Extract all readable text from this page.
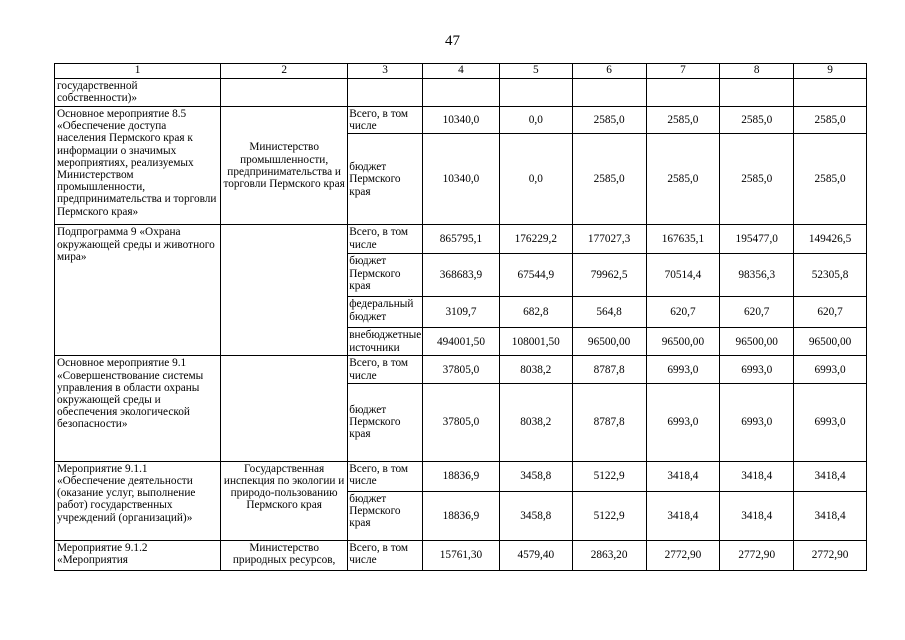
47
1	2	3	4	5	6	7	8	9
государственной собственности)»								
Основное мероприятие 8.5 «Обеспечение доступа населения Пермского края к информации о значимых мероприятиях, реализуемых Министерством промышленности, предпринимательства и торговли Пермского края»	Министерство промышленности, предпринимательства и торговли Пермского края	Всего, в том числе	10340,0	0,0	2585,0	2585,0	2585,0	2585,0
		бюджет Пермского края	10340,0	0,0	2585,0	2585,0	2585,0	2585,0
Подпрограмма 9 «Охрана окружающей среды и животного мира»		Всего, в том числе	865795,1	176229,2	177027,3	167635,1	195477,0	149426,5
		бюджет Пермского края	368683,9	67544,9	79962,5	70514,4	98356,3	52305,8
		федеральный бюджет	3109,7	682,8	564,8	620,7	620,7	620,7
		внебюджетные источники	494001,50	108001,50	96500,00	96500,00	96500,00	96500,00
Основное мероприятие 9.1 «Совершенствование системы управления в области охраны окружающей среды и обеспечения экологической безопасности»		Всего, в том числе	37805,0	8038,2	8787,8	6993,0	6993,0	6993,0
		бюджет Пермского края	37805,0	8038,2	8787,8	6993,0	6993,0	6993,0
Мероприятие 9.1.1 «Обеспечение деятельности (оказание услуг, выполнение работ) государственных учреждений (организаций)»	Государственная инспекция по экологии и природо-пользованию Пермского края	Всего, в том числе	18836,9	3458,8	5122,9	3418,4	3418,4	3418,4
		бюджет Пермского края	18836,9	3458,8	5122,9	3418,4	3418,4	3418,4
Мероприятие 9.1.2 «Мероприятия	Министерство природных ресурсов,	Всего, в том числе	15761,30	4579,40	2863,20	2772,90	2772,90	2772,90
